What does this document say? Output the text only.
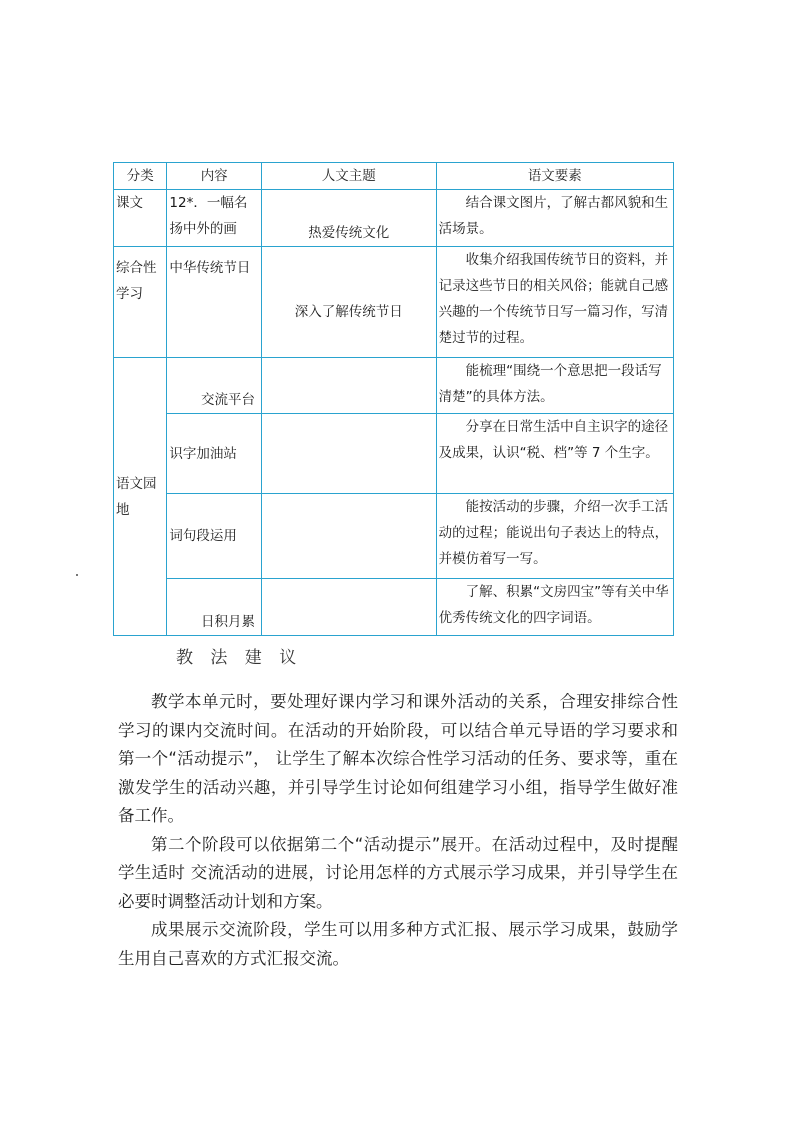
分类	内容	人文主题	语文要素
课文	12*．一幅名扬中外的画	热爱传统文化	结合课文图片，了解古都风貌和生活场景。
综合性学习	中华传统节日	深入了解传统节日	收集介绍我国传统节日的资料，并记录这些节日的相关风俗；能就自己感兴趣的一个传统节日写一篇习作，写清楚过节的过程。
语文园地	交流平台		能梳理“围绕一个意思把一段话写清楚”的具体方法。
	识字加油站		分享在日常生活中自主识字的途径及成果，认识“税、档”等 7 个生字。
	词句段运用		能按活动的步骤，介绍一次手工活动的过程；能说出句子表达上的特点，并模仿着写一写。
	日积月累		了解、积累“文房四宝”等有关中华优秀传统文化的四字词语。
教 法 建 议

教学本单元时，要处理好课内学习和课外活动的关系，合理安排综合性学习的课内交流时间。在活动的开始阶段，可以结合单元导语的学习要求和第一个“活动提示”， 让学生了解本次综合性学习活动的任务、要求等，重在激发学生的活动兴趣，并引导学生讨论如何组建学习小组，指导学生做好准备工作。

第二个阶段可以依据第二个“活动提示”展开。在活动过程中，及时提醒学生适时 交流活动的进展，讨论用怎样的方式展示学习成果，并引导学生在必要时调整活动计划和方案。

成果展示交流阶段，学生可以用多种方式汇报、展示学习成果，鼓励学生用自己喜欢的方式汇报交流。
